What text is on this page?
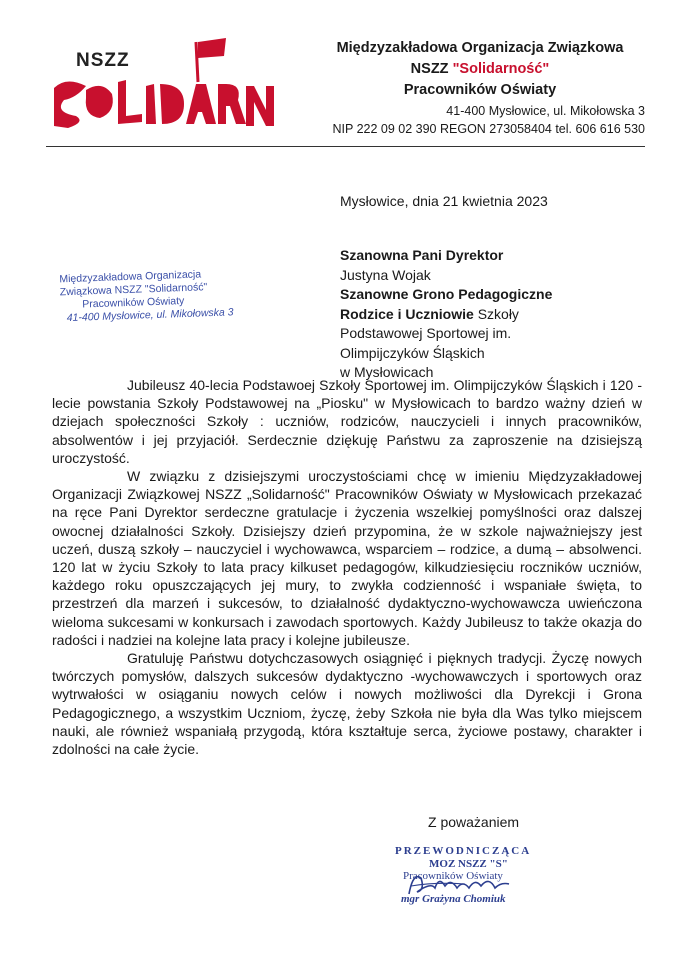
NSZZ
Międzyzakładowa Organizacja Związkowa
NSZZ "Solidarność"
Pracowników Oświaty
41-400 Mysłowice, ul. Mikołowska 3
NIP 222 09 02 390 REGON 273058404 tel. 606 616 530
Mysłowice, dnia 21 kwietnia 2023
Międzyzakładowa Organizacja
Związkowa NSZZ "Solidarność"
Pracowników Oświaty
41-400 Mysłowice, ul. Mikołowska 3
Szanowna Pani Dyrektor
Justyna Wojak
Szanowne Grono Pedagogiczne
Rodzice i Uczniowie Szkoły
Podstawowej Sportowej im.
Olimpijczyków Śląskich
w Mysłowicach

Jubileusz 40-lecia Podstawoej Szkoły Sportowej im. Olimpijczyków Śląskich i 120 -lecie powstania Szkoły Podstawowej na „Piosku" w Mysłowicach to bardzo ważny dzień w dziejach społeczności Szkoły : uczniów, rodziców, nauczycieli i innych pracowników, absolwentów i jej przyjaciół. Serdecznie dziękuję Państwu za zaproszenie na dzisiejszą uroczystość.

W związku z dzisiejszymi uroczystościami chcę w imieniu Międzyzakładowej Organizacji Związkowej NSZZ „Solidarność" Pracowników Oświaty w Mysłowicach przekazać na ręce Pani Dyrektor serdeczne gratulacje i życzenia wszelkiej pomyślności oraz dalszej owocnej działalności Szkoły. Dzisiejszy dzień przypomina, że w szkole najważniejszy jest uczeń, duszą szkoły – nauczyciel i wychowawca, wsparciem – rodzice, a dumą – absolwenci. 120 lat w życiu Szkoły to lata pracy kilkuset pedagogów, kilkudziesięciu roczników uczniów, każdego roku opuszczających jej mury, to zwykła codzienność i wspaniałe święta, to przestrzeń dla marzeń i sukcesów, to działalność dydaktyczno-wychowawcza uwieńczona wieloma sukcesami w konkursach i zawodach sportowych. Każdy Jubileusz to także okazja do radości i nadziei na kolejne lata pracy i kolejne jubileusze.

Gratuluję Państwu dotychczasowych osiągnięć i pięknych tradycji. Życzę nowych twórczych pomysłów, dalszych sukcesów dydaktyczno -wychowawczych i sportowych oraz wytrwałości w osiąganiu nowych celów i nowych możliwości dla Dyrekcji i Grona Pedagogicznego, a wszystkim Uczniom, życzę, żeby Szkoła nie była dla Was tylko miejscem nauki, ale również wspaniałą przygodą, która kształtuje serca, życiowe postawy, charakter i zdolności na całe życie.

Z poważaniem
PRZEWODNICZĄCA
MOZ NSZZ "S"
Pracowników Oświaty
mgr Grażyna Chomiuk
